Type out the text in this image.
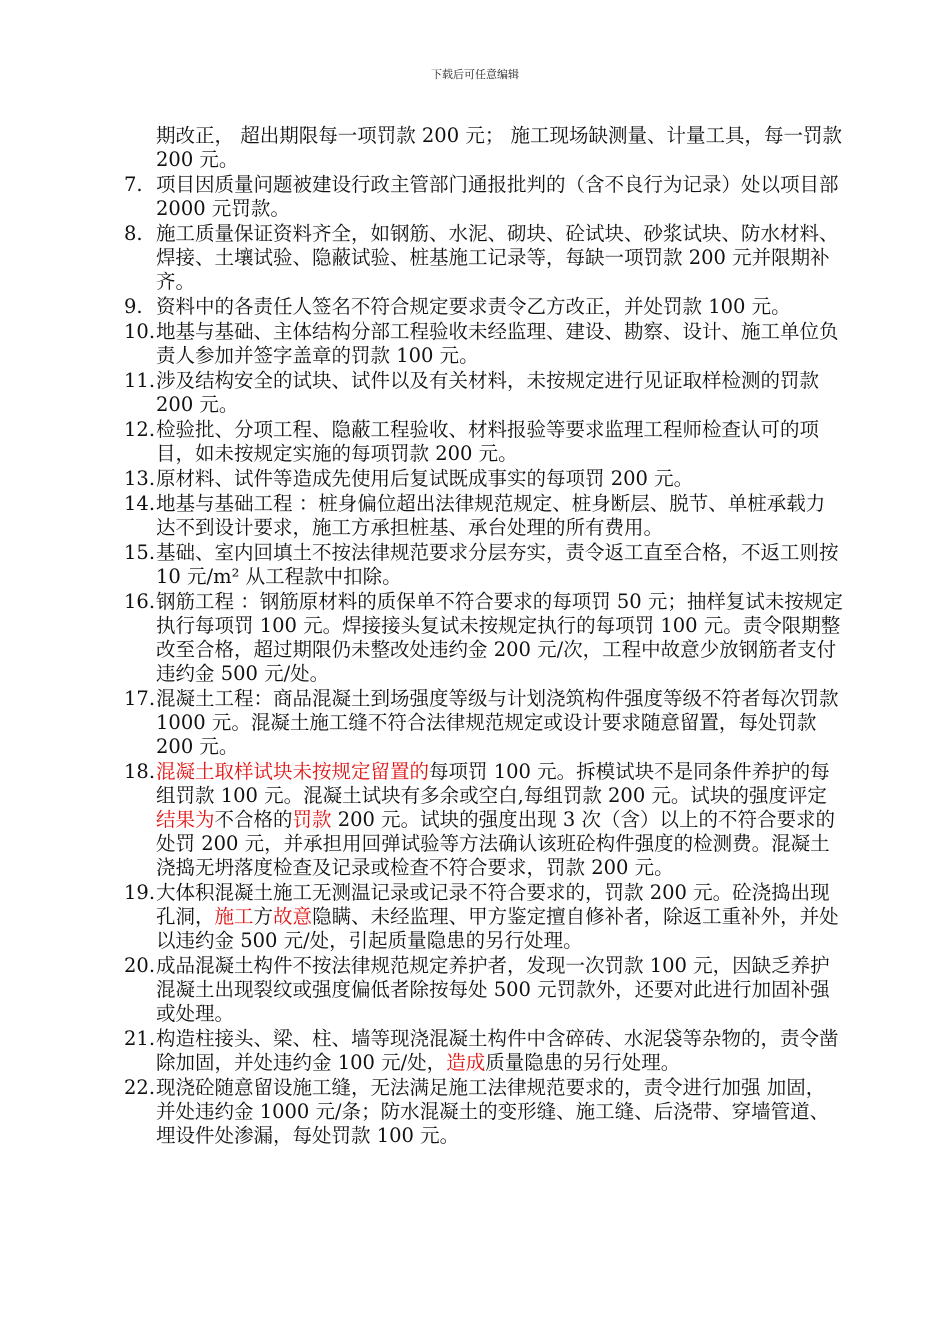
下载后可任意编辑
期改正， 超出期限每一项罚款 200 元； 施工现场缺测量、计量工具，每一罚款 200 元。
7. 项目因质量问题被建设行政主管部门通报批判的（含不良行为记录）处以项目部 2000 元罚款。
8. 施工质量保证资料齐全，如钢筋、水泥、砌块、砼试块、砂浆试块、防水材料、焊接、土壤试验、隐蔽试验、桩基施工记录等，每缺一项罚款 200 元并限期补齐。
9. 资料中的各责任人签名不符合规定要求责令乙方改正，并处罚款 100 元。
10. 地基与基础、主体结构分部工程验收未经监理、建设、勘察、设计、施工单位负责人参加并签字盖章的罚款 100 元。
11. 涉及结构安全的试块、试件以及有关材料，未按规定进行见证取样检测的罚款 200 元。
12. 检验批、分项工程、隐蔽工程验收、材料报验等要求监理工程师检查认可的项目，如未按规定实施的每项罚款 200 元。
13. 原材料、试件等造成先使用后复试既成事实的每项罚 200 元。
14. 地基与基础工程 ：桩身偏位超出法律规范规定、桩身断层、脱节、单桩承载力达不到设计要求，施工方承担桩基、承台处理的所有费用。
15. 基础、室内回填土不按法律规范要求分层夯实，责令返工直至合格，不返工则按 10 元/m² 从工程款中扣除。
16. 钢筋工程 ：钢筋原材料的质保单不符合要求的每项罚 50 元；抽样复试未按规定执行每项罚 100 元。焊接接头复试未按规定执行的每项罚 100 元。责令限期整改至合格，超过期限仍未整改处违约金 200 元/次，工程中故意少放钢筋者支付违约金 500 元/处。
17. 混凝土工程：商品混凝土到场强度等级与计划浇筑构件强度等级不符者每次罚款 1000 元。混凝土施工缝不符合法律规范规定或设计要求随意留置，每处罚款 200 元。
18. 混凝土取样试块未按规定留置的每项罚 100 元。拆模试块不是同条件养护的每组罚款 100 元。混凝土试块有多余或空白,每组罚款 200 元。试块的强度评定结果为不合格的罚款 200 元。试块的强度出现 3 次（含）以上的不符合要求的处罚 200 元，并承担用回弹试验等方法确认该班砼构件强度的检测费。混凝土浇捣无坍落度检查及记录或检查不符合要求，罚款 200 元。
19. 大体积混凝土施工无测温记录或记录不符合要求的，罚款 200 元。砼浇捣出现孔洞，施工方故意隐瞒、未经监理、甲方鉴定擅自修补者，除返工重补外，并处以违约金 500 元/处，引起质量隐患的另行处理。
20. 成品混凝土构件不按法律规范规定养护者，发现一次罚款 100 元，因缺乏养护混凝土出现裂纹或强度偏低者除按每处 500 元罚款外，还要对此进行加固补强或处理。
21. 构造柱接头、梁、柱、墙等现浇混凝土构件中含碎砖、水泥袋等杂物的，责令凿除加固，并处违约金 100 元/处，造成质量隐患的另行处理。
22. 现浇砼随意留设施工缝，无法满足施工法律规范要求的，责令进行加强 加固，并处违约金 1000 元/条；防水混凝土的变形缝、施工缝、后浇带、穿墙管道、埋设件处渗漏，每处罚款 100 元。
